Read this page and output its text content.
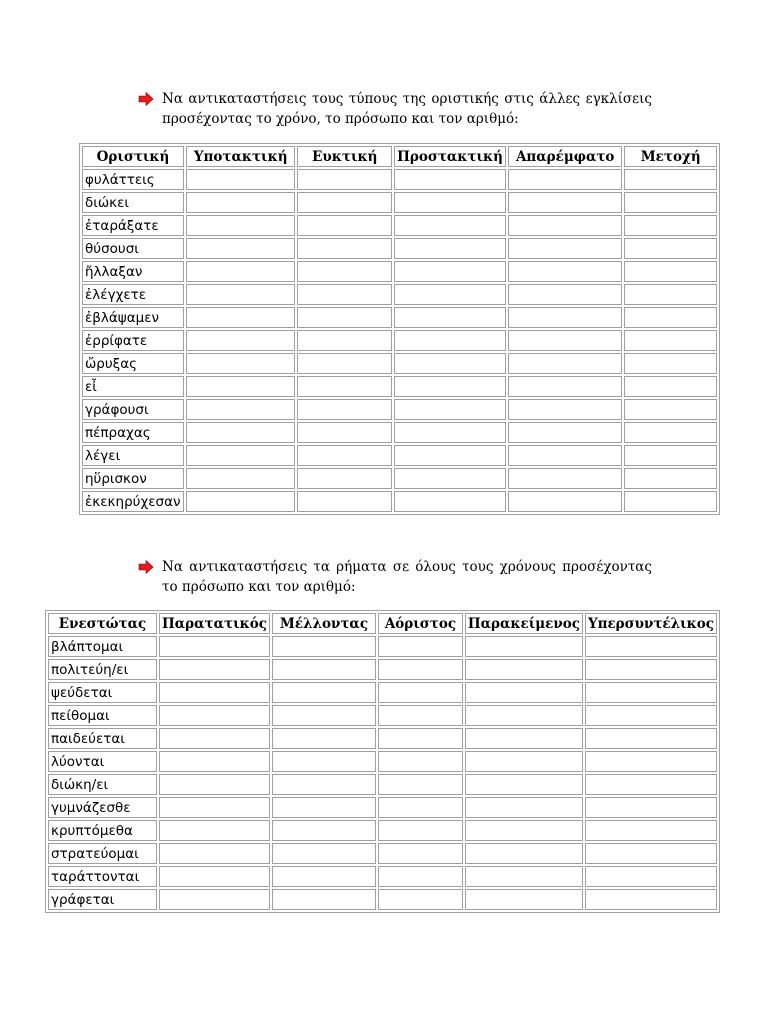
Να αντικαταστήσεις τους τύπους της οριστικής στις άλλες εγκλίσεις προσέχοντας το χρόνο, το πρόσωπο και τον αριθμό:
Οριστική	Υποτακτική	Ευκτική	Προστακτική	Απαρέμφατο	Μετοχή
φυλάττεις					
διώκει					
ἐταράξατε					
θύσουσι					
ἤλλαξαν					
ἐλέγχετε					
ἐβλάψαμεν					
ἐρρίφατε					
ὤρυξας					
εἶ					
γράφουσι					
πέπραχας					
λέγει					
ηὕρισκον					
ἐκεκηρύχεσαν					
Να αντικαταστήσεις τα ρήματα σε όλους τους χρόνους προσέχοντας το πρόσωπο και τον αριθμό:
Ενεστώτας	Παρατατικός	Μέλλοντας	Αόριστος	Παρακείμενος	Υπερσυντέλικος
βλάπτομαι					
πολιτεύη/ει					
ψεύδεται					
πείθομαι					
παιδεύεται					
λύονται					
διώκη/ει					
γυμνάζεσθε					
κρυπτόμεθα					
στρατεύομαι					
ταράττονται					
γράφεται					
